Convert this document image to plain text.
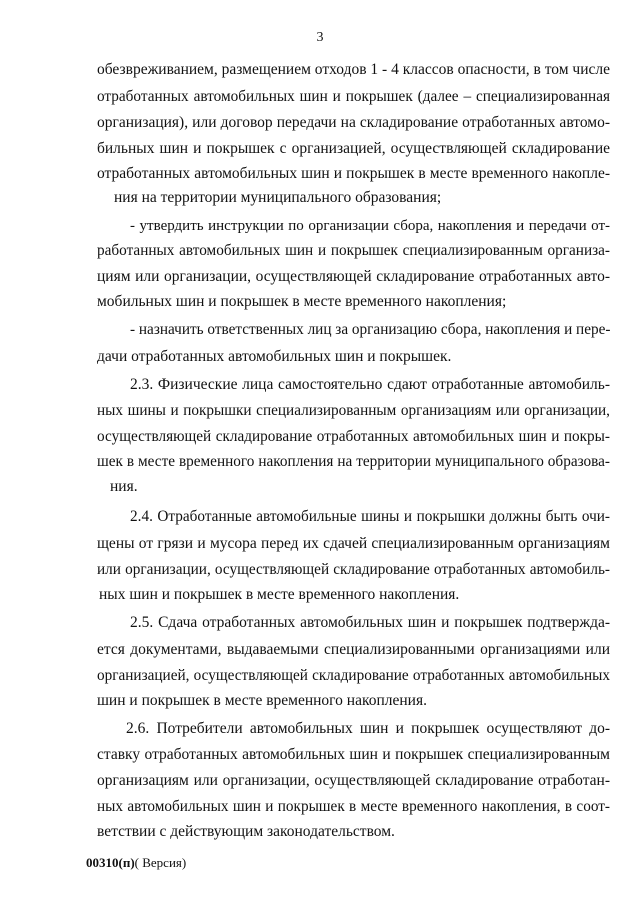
3
обезвреживанием, размещением отходов 1 - 4 классов опасности, в том числе
отработанных автомобильных шин и покрышек (далее – специализированная
организация), или договор передачи на складирование отработанных автомо-
бильных шин и покрышек с организацией, осуществляющей складирование
отработанных автомобильных шин и покрышек в месте временного накопле-
ния на территории муниципального образования;
- утвердить инструкции по организации сбора, накопления и передачи от-
работанных автомобильных шин и покрышек специализированным организа-
циям или организации, осуществляющей складирование отработанных авто-
мобильных шин и покрышек в месте временного накопления;
- назначить ответственных лиц за организацию сбора, накопления и пере-
дачи отработанных автомобильных шин и покрышек.
2.3. Физические лица самостоятельно сдают отработанные автомобиль-
ных шины и покрышки специализированным организациям или организации,
осуществляющей складирование отработанных автомобильных шин и покры-
шек в месте временного накопления на территории муниципального образова-
ния.
2.4. Отработанные автомобильные шины и покрышки должны быть очи-
щены от грязи и мусора перед их сдачей специализированным организациям
или организации, осуществляющей складирование отработанных автомобиль-
ных шин и покрышек в месте временного накопления.
2.5. Сдача отработанных автомобильных шин и покрышек подтвержда-
ется документами, выдаваемыми специализированными организациями или
организацией, осуществляющей складирование отработанных автомобильных
шин и покрышек в месте временного накопления.
2.6. Потребители автомобильных шин и покрышек осуществляют до-
ставку отработанных автомобильных шин и покрышек специализированным
организациям или организации, осуществляющей складирование отработан-
ных автомобильных шин и покрышек в месте временного накопления, в соот-
ветствии с действующим законодательством.
00310(п)( Версия)
